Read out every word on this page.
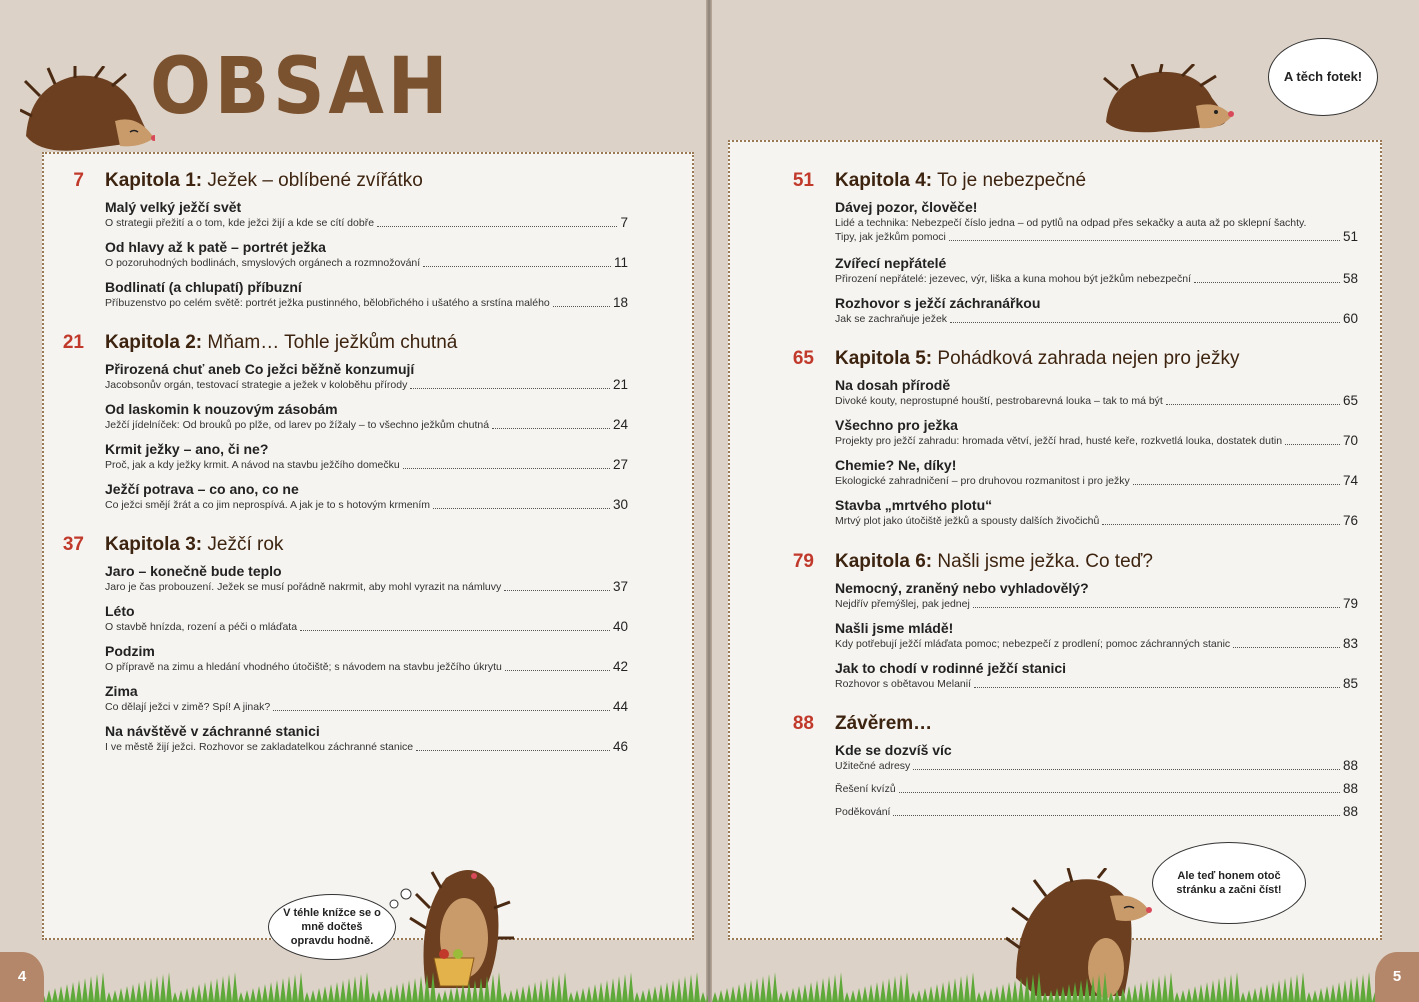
OBSAH	A těch fotek!
7 Kapitola 1: Ježek – oblíbené zvířátko
Malý velký ježčí svět
O strategii přežití a o tom, kde ježci žijí a kde se cítí dobře	7
Od hlavy až k patě – portrét ježka
O pozoruhodných bodlinách, smyslových orgánech a rozmnožování	11
Bodlinatí (a chlupatí) příbuzní
Příbuzenstvo po celém světě: portrét ježka pustinného, bělobřichého i ušatého a srstína malého	18
21 Kapitola 2: Mňam… Tohle ježkům chutná
Přirozená chuť aneb Co ježci běžně konzumují
Jacobsonův orgán, testovací strategie a ježek v koloběhu přírody	21
Od laskomin k nouzovým zásobám
Ježčí jídelníček: Od brouků po plže, od larev po žížaly – to všechno ježkům chutná	24
Krmit ježky – ano, či ne?
Proč, jak a kdy ježky krmit. A návod na stavbu ježčího domečku	27
Ježčí potrava – co ano, co ne
Co ježci smějí žrát a co jim neprospívá. A jak je to s hotovým krmením	30
37 Kapitola 3: Ježčí rok
Jaro – konečně bude teplo
Jaro je čas probouzení. Ježek se musí pořádně nakrmit, aby mohl vyrazit na námluvy	37
Léto
O stavbě hnízda, rození a péči o mláďata	40
Podzim
O přípravě na zimu a hledání vhodného útočiště; s návodem na stavbu ježčího úkrytu	42
Zima
Co dělají ježci v zimě? Spí! A jinak?	44
Na návštěvě v záchranné stanici
I ve městě žijí ježci. Rozhovor se zakladatelkou záchranné stanice	46
51 Kapitola 4: To je nebezpečné
Dávej pozor, člověče!
Lidé a technika: Nebezpečí číslo jedna – od pytlů na odpad přes sekačky a auta až po sklepní šachty.
Tipy, jak ježkům pomoci	51
Zvířecí nepřátelé
Přirození nepřátelé: jezevec, výr, liška a kuna mohou být ježkům nebezpeční	58
Rozhovor s ježčí záchranářkou
Jak se zachraňuje ježek	60
65 Kapitola 5: Pohádková zahrada nejen pro ježky
Na dosah přírodě
Divoké kouty, neprostupné houští, pestrobarevná louka – tak to má být	65
Všechno pro ježka
Projekty pro ježčí zahradu: hromada větví, ježčí hrad, husté keře, rozkvetlá louka, dostatek dutin	70
Chemie? Ne, díky!
Ekologické zahradničení – pro druhovou rozmanitost i pro ježky	74
Stavba „mrtvého plotu“
Mrtvý plot jako útočiště ježků a spousty dalších živočichů	76
79 Kapitola 6: Našli jsme ježka. Co teď?
Nemocný, zraněný nebo vyhladovělý?
Nejdřív přemýšlej, pak jednej	79
Našli jsme mládě!
Kdy potřebují ježčí mláďata pomoc; nebezpečí z prodlení; pomoc záchranných stanic	83
Jak to chodí v rodinné ježčí stanici
Rozhovor s obětavou Melanií	85
88 Závěrem…
Kde se dozvíš víc
Užitečné adresy	88
Řešení kvízů	88
Poděkování	88
V téhle knížce se o mně dočteš opravdu hodně.
Ale teď honem otoč stránku a začni číst!
4	5
